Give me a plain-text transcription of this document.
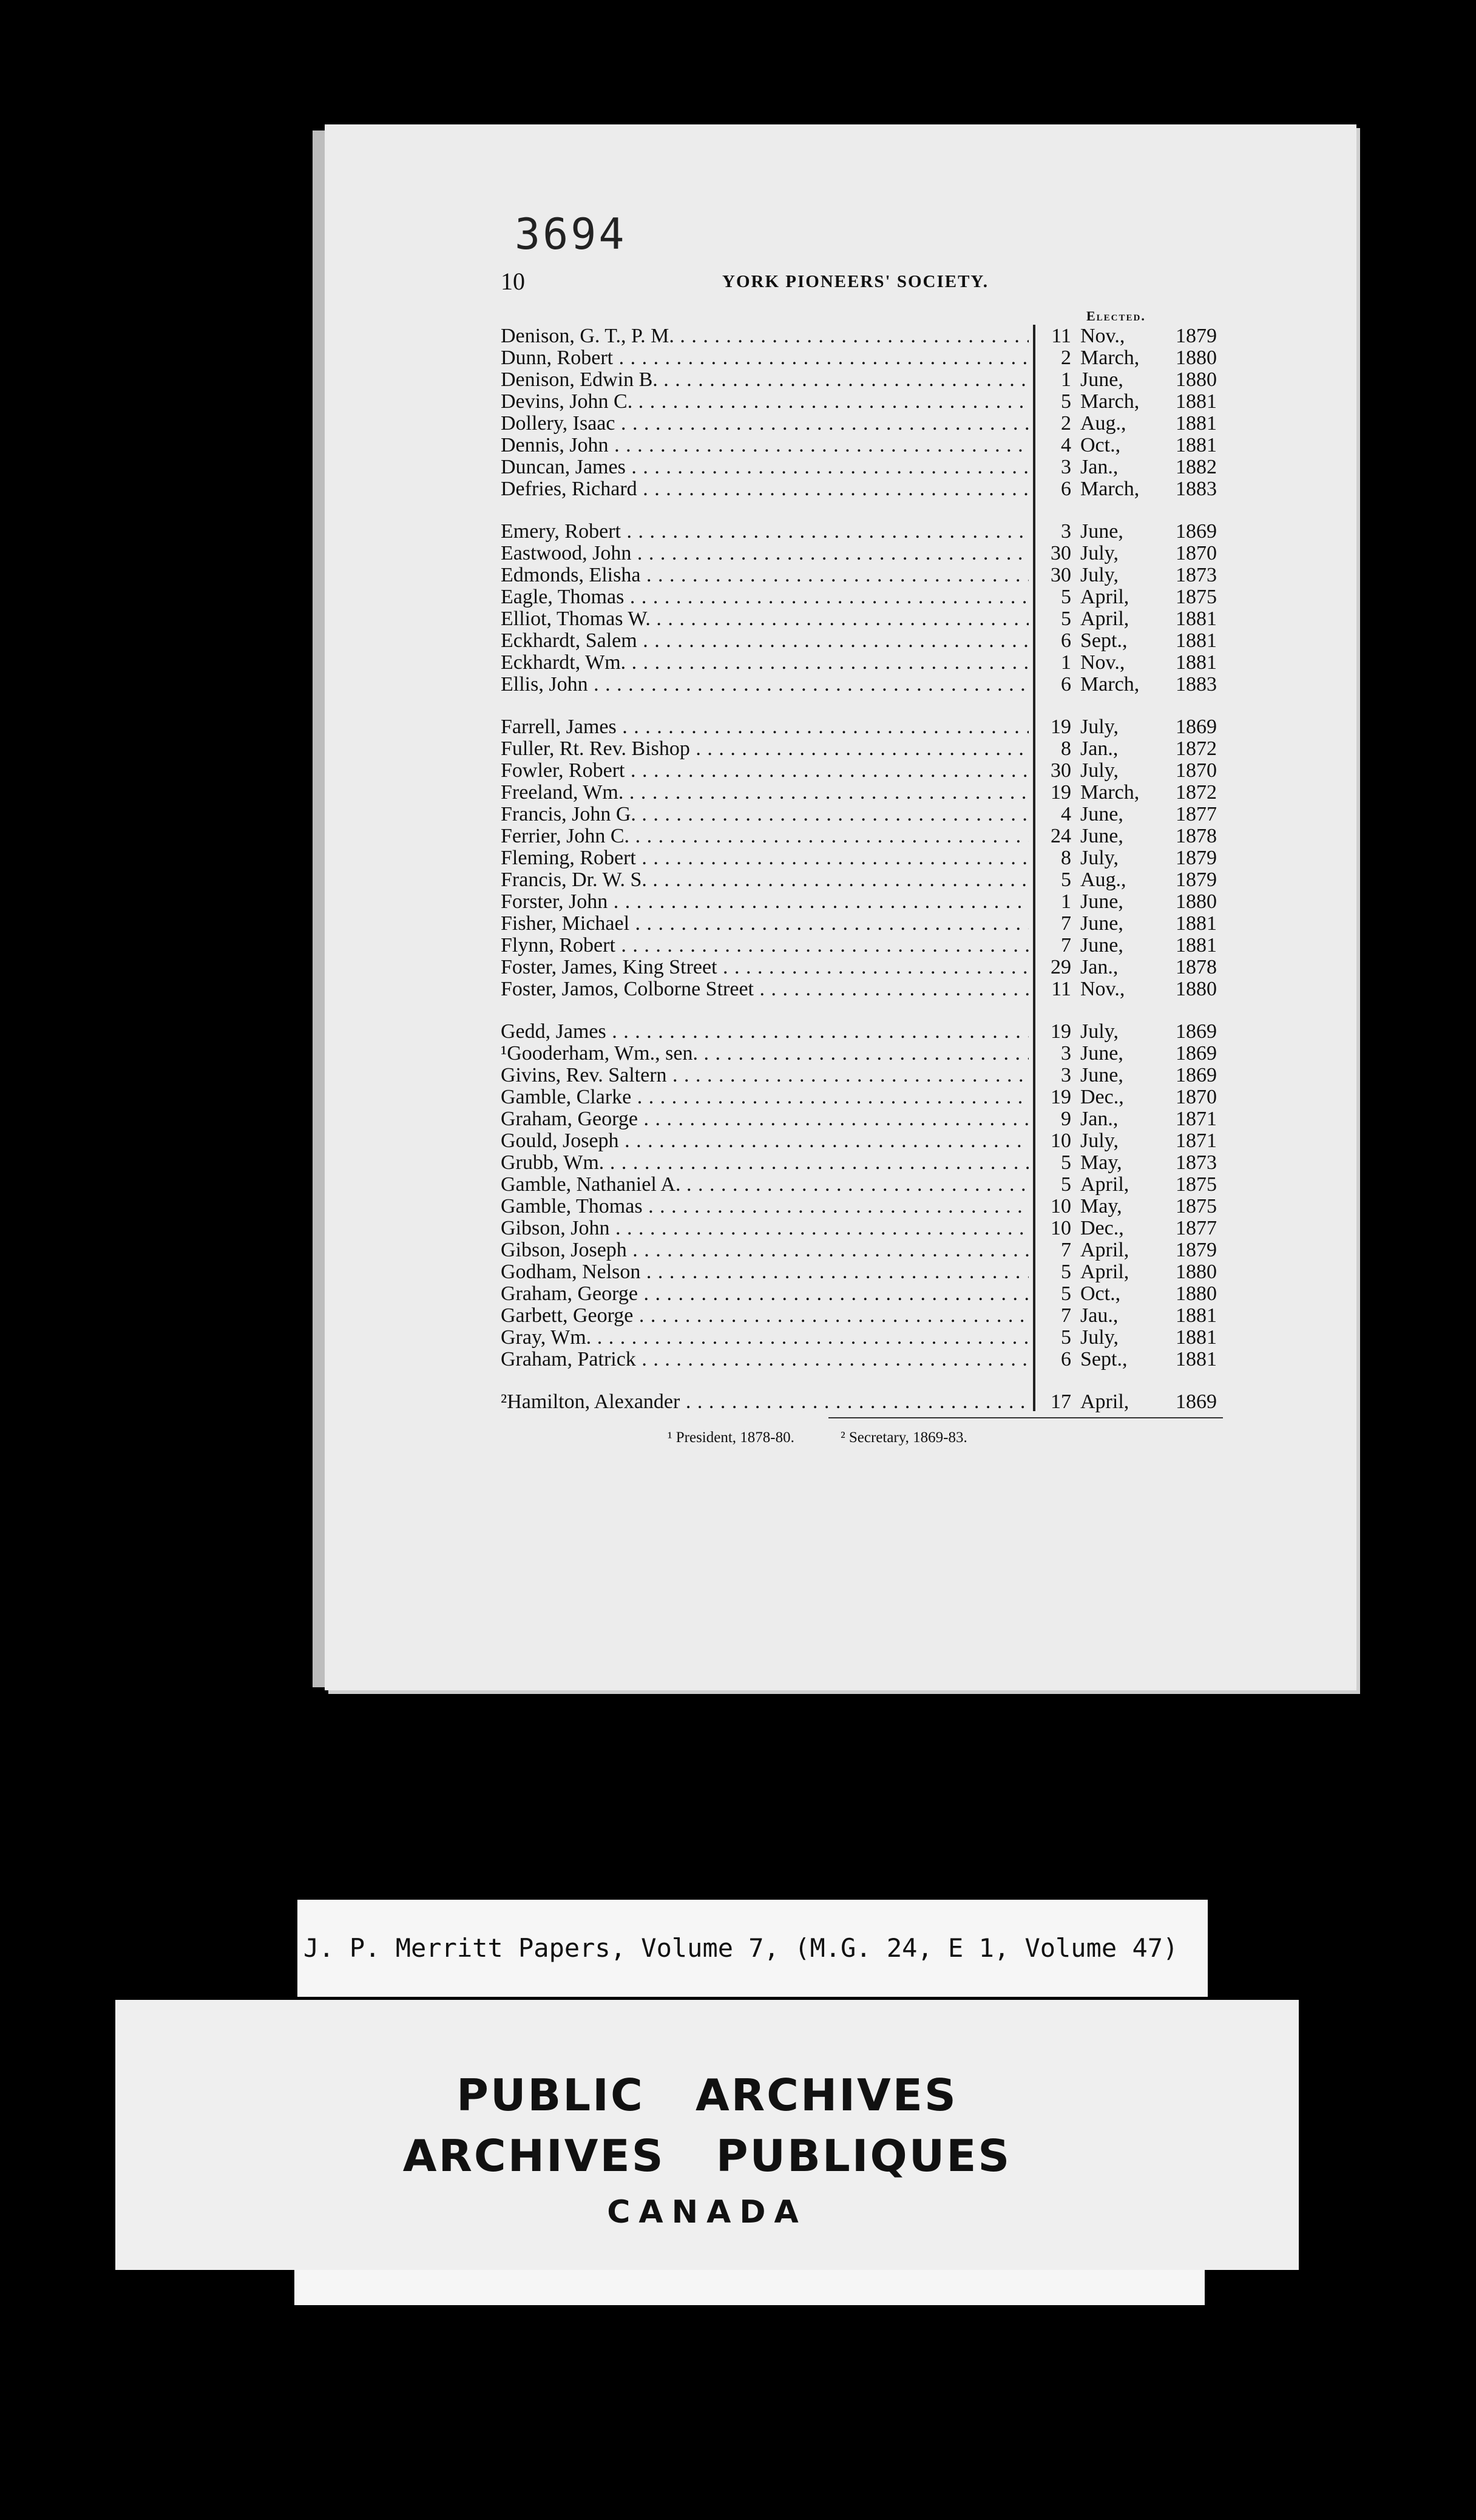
3694
10	YORK PIONEERS' SOCIETY.
Elected.
Denison, G. T., P. M. . . .	11 Nov.,	1879
Dunn, Robert . . .	2 March,	1880
Denison, Edwin B. . . .	1 June,	1880
Devins, John C. . . .	5 March,	1881
Dollery, Isaac . . .	2 Aug.,	1881
Dennis, John . . .	4 Oct.,	1881
Duncan, James . . .	3 Jan.,	1882
Defries, Richard . . .	6 March,	1883
Emery, Robert . . .	3 June,	1869
Eastwood, John . . .	30 July,	1870
Edmonds, Elisha . . .	30 July,	1873
Eagle, Thomas . . .	5 April,	1875
Elliot, Thomas W. . . .	5 April,	1881
Eckhardt, Salem . . .	6 Sept.,	1881
Eckhardt, Wm. . . .	1 Nov.,	1881
Ellis, John . . .	6 March,	1883
Farrell, James . . .	19 July,	1869
Fuller, Rt. Rev. Bishop . . .	8 Jan.,	1872
Fowler, Robert . . .	30 July,	1870
Freeland, Wm. . . .	19 March,	1872
Francis, John G. . . .	4 June,	1877
Ferrier, John C. . . .	24 June,	1878
Fleming, Robert . . .	8 July,	1879
Francis, Dr. W. S. . . .	5 Aug.,	1879
Forster, John . . .	1 June,	1880
Fisher, Michael . . .	7 June,	1881
Flynn, Robert . . .	7 June,	1881
Foster, James, King Street . . .	29 Jan.,	1878
Foster, Jamos, Colborne Street . . .	11 Nov.,	1880
Gedd, James . . .	19 July,	1869
¹Gooderham, Wm., sen. . . .	3 June,	1869
Givins, Rev. Saltern . . .	3 June,	1869
Gamble, Clarke . . .	19 Dec.,	1870
Graham, George . . .	9 Jan.,	1871
Gould, Joseph . . .	10 July,	1871
Grubb, Wm. . . .	5 May,	1873
Gamble, Nathaniel A. . . .	5 April,	1875
Gamble, Thomas . . .	10 May,	1875
Gibson, John . . .	10 Dec.,	1877
Gibson, Joseph . . .	7 April,	1879
Godham, Nelson . . .	5 April,	1880
Graham, George . . .	5 Oct.,	1880
Garbett, George . . .	7 Jau.,	1881
Gray, Wm. . . .	5 July,	1881
Graham, Patrick . . .	6 Sept.,	1881
²Hamilton, Alexander . . .	17 April,	1869
¹ President, 1878-80.	² Secretary, 1869-83.
J. P. Merritt Papers, Volume 7, (M.G. 24, E 1, Volume 47)
PUBLIC   ARCHIVES
ARCHIVES   PUBLIQUES
CANADA
